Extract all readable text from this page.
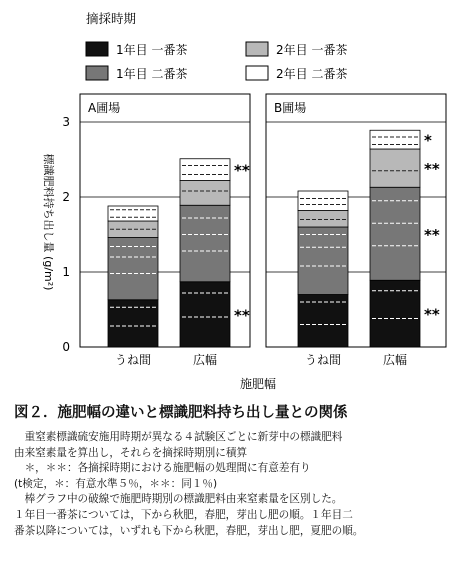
摘採時期
1年目 一番茶
1年目 二番茶
2年目 一番茶
2年目 二番茶
標識肥料持ち出し量 (g/m²)
0
1
2
3
A圃場
うね間
**
**
広幅
B圃場
うね間
**
**
**
*
広幅
施肥幅

図２．施肥幅の違いと標識肥料持ち出し量との関係

　重窒素標識硫安施用時期が異なる４試験区ごとに新芽中の標識肥料

由来窒素量を算出し，それらを摘採時期別に積算

　＊，＊＊：各摘採時期における施肥幅の処理間に有意差有り

(t検定，＊：有意水準５％，＊＊：同１％)

　棒グラフ中の破線で施肥時期別の標識肥料由来窒素量を区別した。

１年目一番茶については，下から秋肥，春肥，芽出し肥の順。１年目二

番茶以降については，いずれも下から秋肥，春肥，芽出し肥，夏肥の順。
